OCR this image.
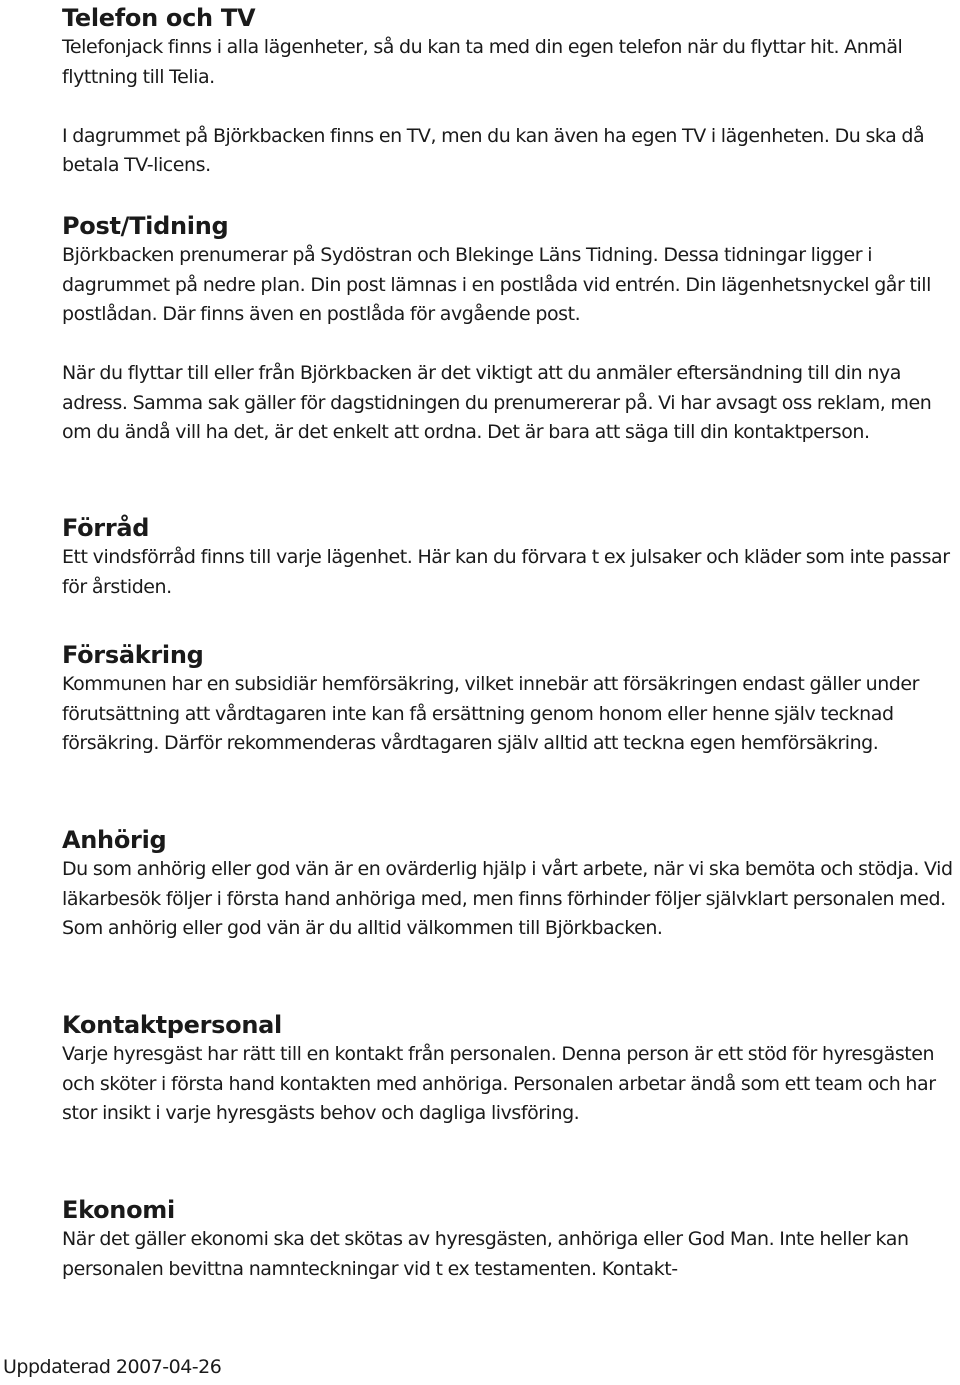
Telefon och TV

Telefonjack finns i alla lägenheter, så du kan ta med din egen telefon när du flyttar hit. Anmäl flyttning till Telia.

I dagrummet på Björkbacken finns en TV, men du kan även ha egen TV i lägenheten. Du ska då betala TV-licens.

Post/Tidning

Björkbacken prenumerar på Sydöstran och Blekinge Läns Tidning. Dessa tidningar ligger i dagrummet på nedre plan. Din post lämnas i en postlåda vid entrén. Din lägenhetsnyckel går till postlådan. Där finns även en postlåda för avgående post.

När du flyttar till eller från Björkbacken är det viktigt att du anmäler eftersändning till din nya adress. Samma sak gäller för dagstidningen du prenumererar på. Vi har avsagt oss reklam, men om du ändå vill ha det, är det enkelt att ordna. Det är bara att säga till din kontaktperson.

Förråd

Ett vindsförråd finns till varje lägenhet. Här kan du förvara t ex julsaker och kläder som inte passar för årstiden.

Försäkring

Kommunen har en subsidiär hemförsäkring, vilket innebär att försäkringen endast gäller under förutsättning att vårdtagaren inte kan få ersättning genom honom eller henne själv tecknad försäkring. Därför rekommenderas vårdtagaren själv alltid att teckna egen hemförsäkring.

Anhörig

Du som anhörig eller god vän är en ovärderlig hjälp i vårt arbete, när vi ska bemöta och stödja. Vid läkarbesök följer i första hand anhöriga med, men finns förhinder följer självklart personalen med. Som anhörig eller god vän är du alltid välkommen till Björkbacken.

Kontaktpersonal

Varje hyresgäst har rätt till en kontakt från personalen. Denna person är ett stöd för hyresgästen och sköter i första hand kontakten med anhöriga. Personalen arbetar ändå som ett team och har stor insikt i varje hyresgästs behov och dagliga livsföring.

Ekonomi

När det gäller ekonomi ska det skötas av hyresgästen, anhöriga eller God Man. Inte heller kan personalen bevittna namnteckningar vid t ex testamenten. Kontakt-

Uppdaterad 2007-04-26
